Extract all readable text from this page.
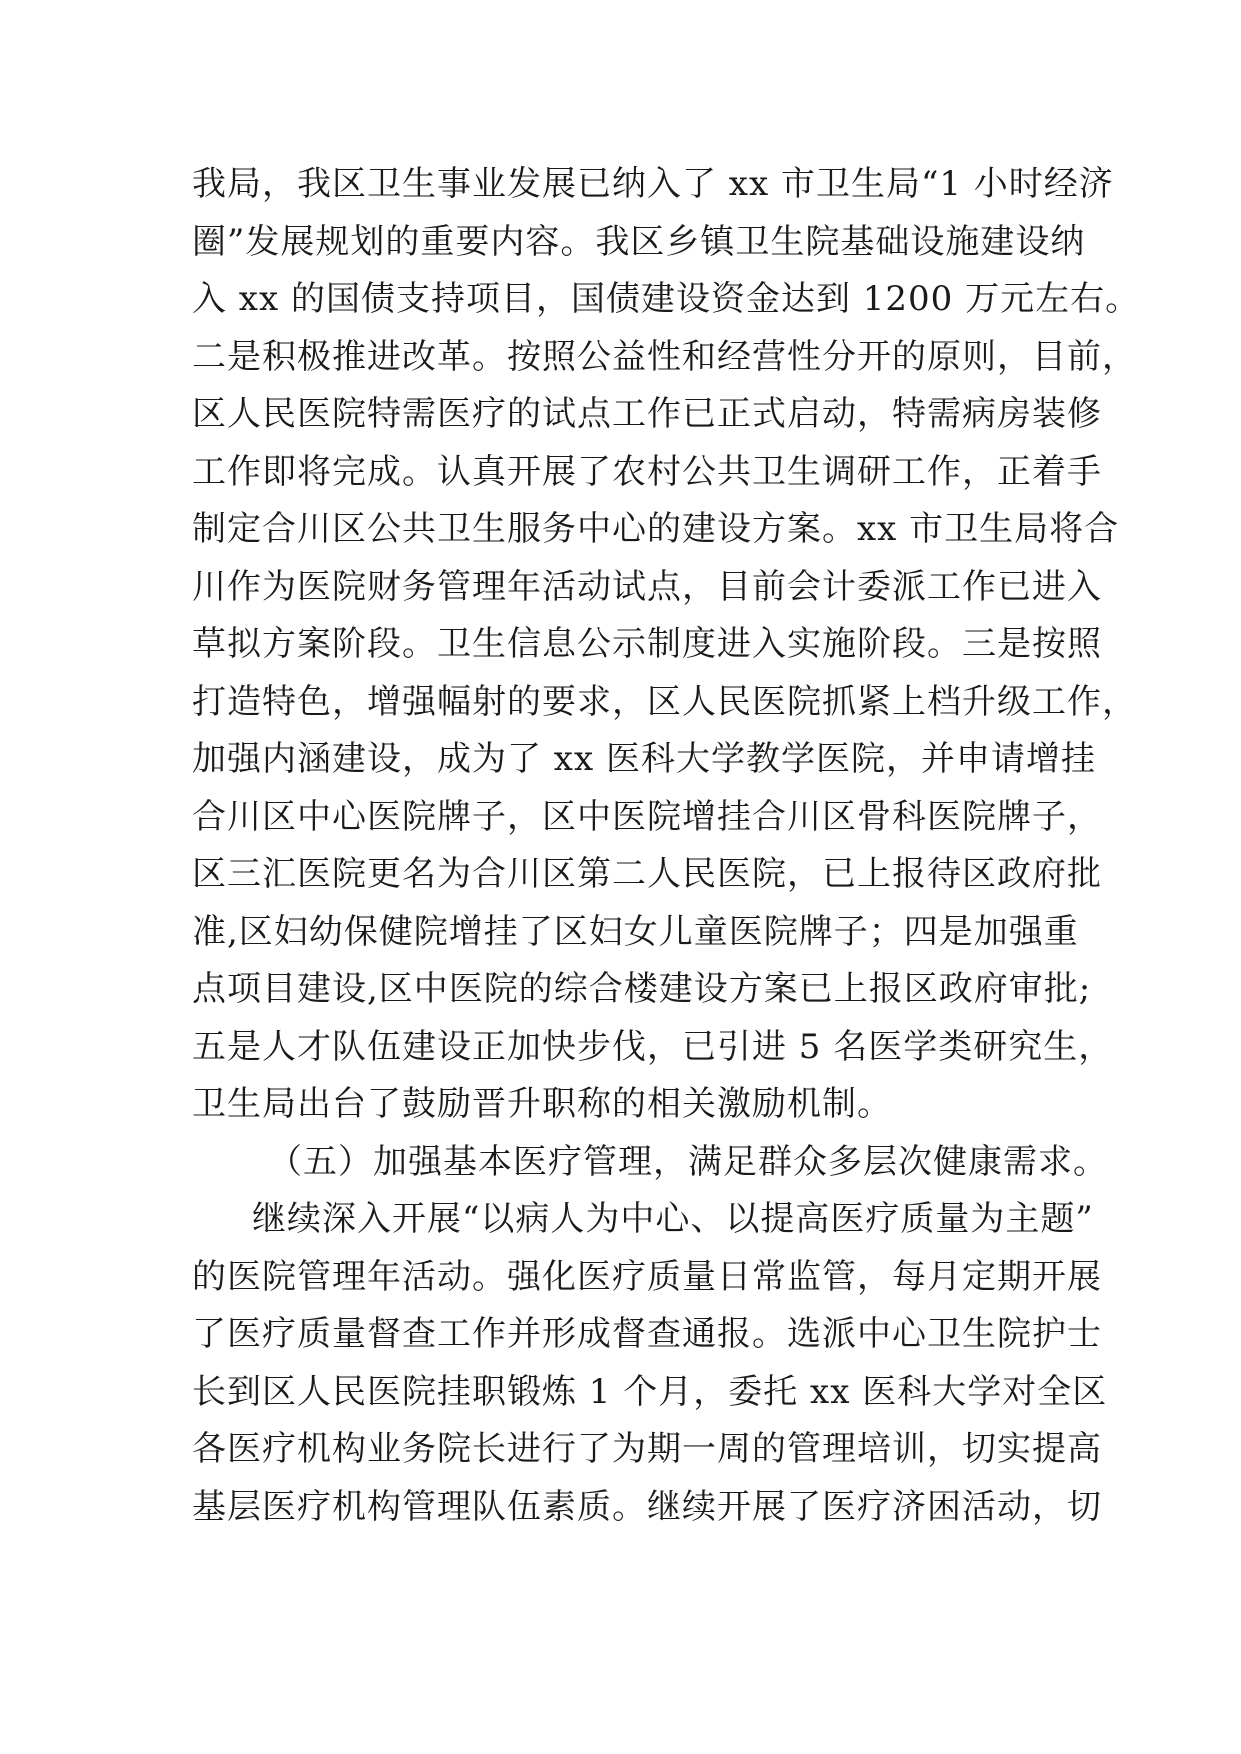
我局，我区卫生事业发展已纳入了 xx 市卫生局“1 小时经济
圈”发展规划的重要内容。我区乡镇卫生院基础设施建设纳
入 xx 的国债支持项目，国债建设资金达到 1200 万元左右。
二是积极推进改革。按照公益性和经营性分开的原则，目前，
区人民医院特需医疗的试点工作已正式启动，特需病房装修
工作即将完成。认真开展了农村公共卫生调研工作，正着手
制定合川区公共卫生服务中心的建设方案。xx 市卫生局将合
川作为医院财务管理年活动试点，目前会计委派工作已进入
草拟方案阶段。卫生信息公示制度进入实施阶段。三是按照
打造特色，增强幅射的要求，区人民医院抓紧上档升级工作，
加强内涵建设，成为了 xx 医科大学教学医院，并申请增挂
合川区中心医院牌子，区中医院增挂合川区骨科医院牌子，
区三汇医院更名为合川区第二人民医院，已上报待区政府批
准,区妇幼保健院增挂了区妇女儿童医院牌子；四是加强重
点项目建设,区中医院的综合楼建设方案已上报区政府审批;
五是人才队伍建设正加快步伐，已引进 5 名医学类研究生，
卫生局出台了鼓励晋升职称的相关激励机制。
（五）加强基本医疗管理，满足群众多层次健康需求。
继续深入开展“以病人为中心、以提高医疗质量为主题”
的医院管理年活动。强化医疗质量日常监管，每月定期开展
了医疗质量督查工作并形成督查通报。选派中心卫生院护士
长到区人民医院挂职锻炼 1 个月，委托 xx 医科大学对全区
各医疗机构业务院长进行了为期一周的管理培训，切实提高
基层医疗机构管理队伍素质。继续开展了医疗济困活动，切
